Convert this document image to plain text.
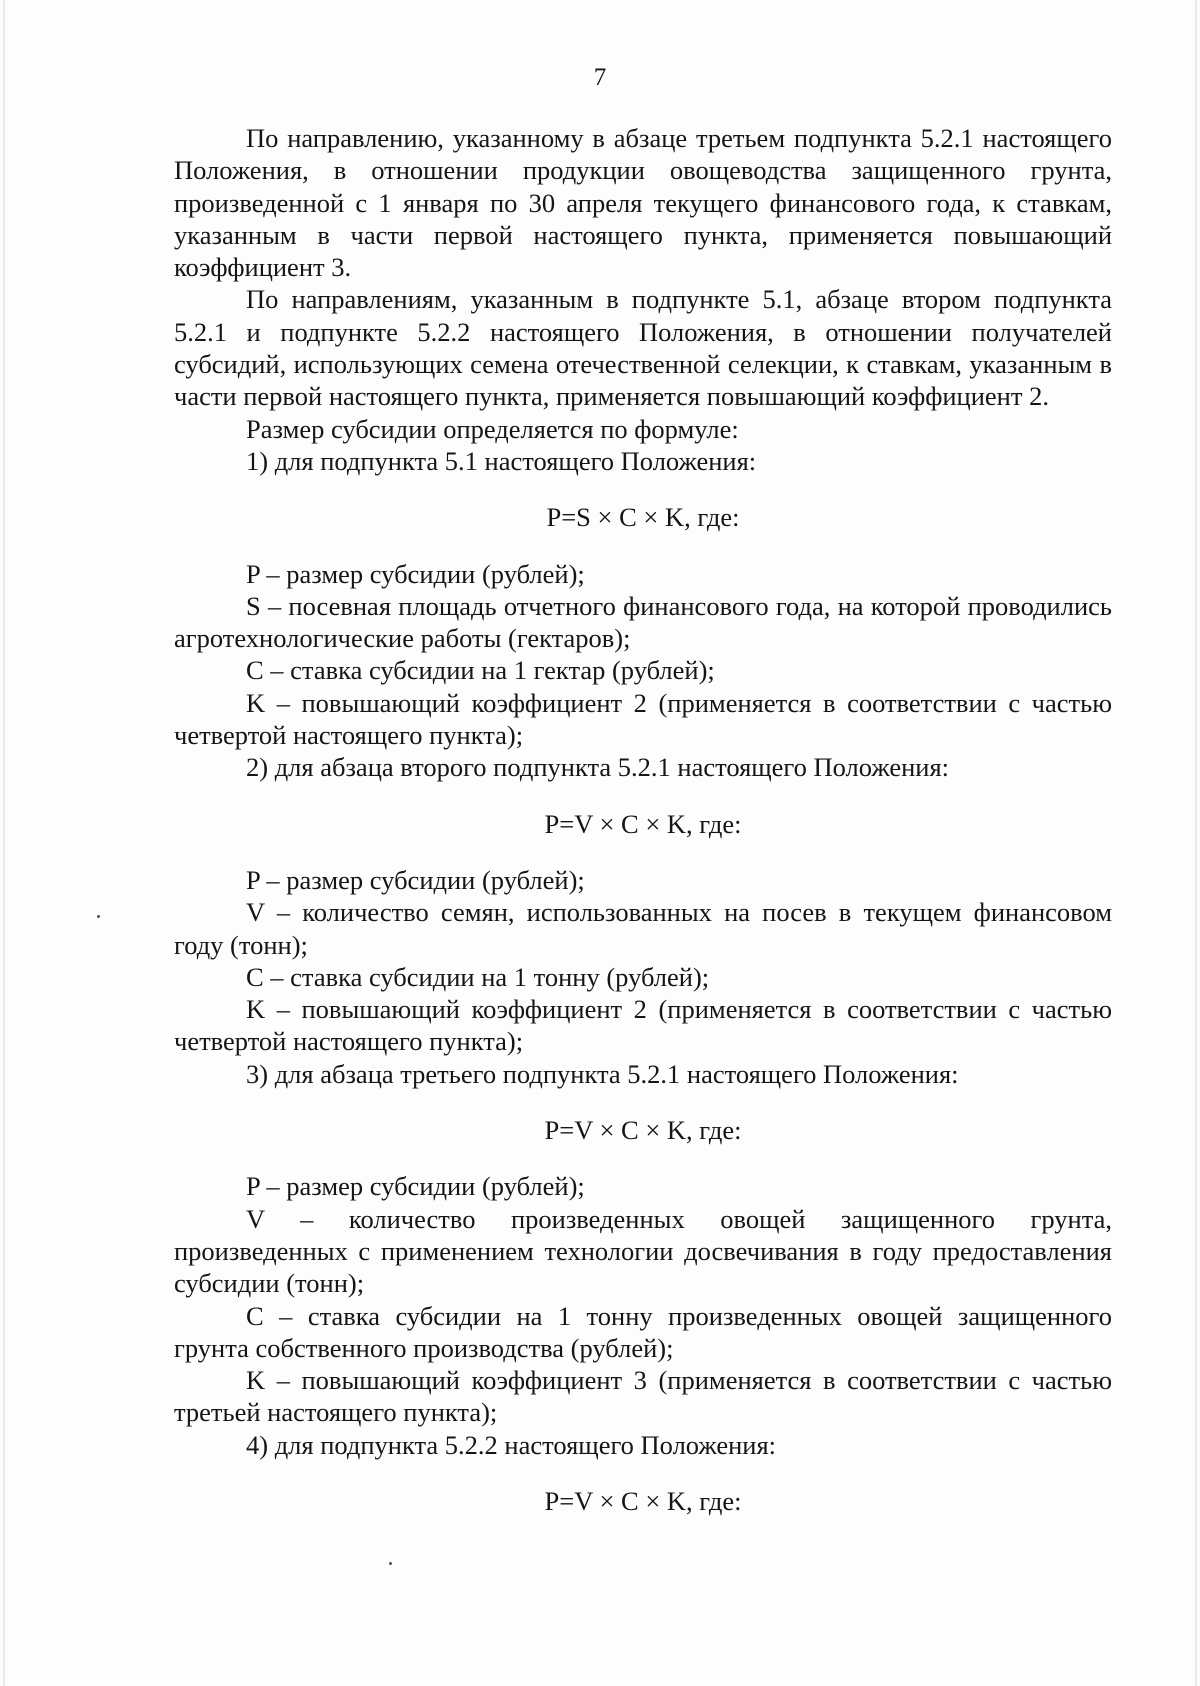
7

По направлению, указанному в абзаце третьем подпункта 5.2.1 настоящего Положения, в отношении продукции овощеводства защищенного грунта, произведенной с 1 января по 30 апреля текущего финансового года, к ставкам, указанным в части первой настоящего пункта, применяется повышающий коэффициент 3.

По направлениям, указанным в подпункте 5.1, абзаце втором подпункта 5.2.1 и подпункте 5.2.2 настоящего Положения, в отношении получателей субсидий, использующих семена отечественной селекции, к ставкам, указанным в части первой настоящего пункта, применяется повышающий коэффициент 2.

Размер субсидии определяется по формуле:

1) для подпункта 5.1 настоящего Положения:

P=S × C × K, где:

P – размер субсидии (рублей);

S – посевная площадь отчетного финансового года, на которой проводились агротехнологические работы (гектаров);

C – ставка субсидии на 1 гектар (рублей);

K – повышающий коэффициент 2 (применяется в соответствии с частью четвертой настоящего пункта);

2) для абзаца второго подпункта 5.2.1 настоящего Положения:

P=V × C × K, где:

P – размер субсидии (рублей);

V – количество семян, использованных на посев в текущем финансовом году (тонн);

C – ставка субсидии на 1 тонну (рублей);

K – повышающий коэффициент 2 (применяется в соответствии с частью четвертой настоящего пункта);

3) для абзаца третьего подпункта 5.2.1 настоящего Положения:

P=V × C × K, где:

P – размер субсидии (рублей);

V – количество произведенных овощей защищенного грунта, произведенных с применением технологии досвечивания в году предоставления субсидии (тонн);

C – ставка субсидии на 1 тонну произведенных овощей защищенного грунта собственного производства (рублей);

K – повышающий коэффициент 3 (применяется в соответствии с частью третьей настоящего пункта);

4) для подпункта 5.2.2 настоящего Положения:

P=V × C × K, где:
